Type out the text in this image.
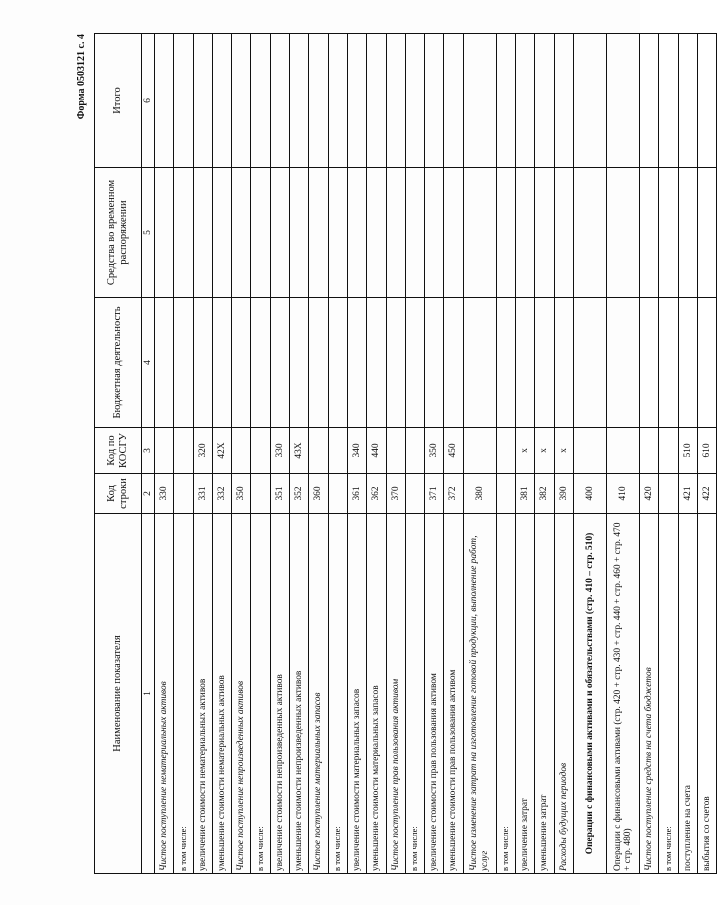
Форма 0503121 с. 4
Наименование показателя	Код строки	Код по КОСГУ	Бюджетная деятельность	Средства во временном распоряжении	Итого
1	2	3	4	5	6
Чистое поступление нематериальных активов	330				
в том числе:					
увеличение стоимости нематериальных активов	331	320			
уменьшение стоимости нематериальных активов	332	42X			
Чистое поступление непроизведенных активов	350				
в том числе:					
увеличение стоимости непроизведенных активов	351	330			
уменьшение стоимости непроизведенных активов	352	43X			
Чистое поступление материальных запасов	360				
в том числе:					
увеличение стоимости материальных запасов	361	340			
уменьшение стоимости материальных запасов	362	440			
Чистое поступление прав пользования активом	370				
в том числе:					
увеличение стоимости прав пользования активом	371	350			
уменьшение стоимости прав пользования активом	372	450			
Чистое изменение затрат на изготовление готовой продукции, выполнение работ, услуг	380				
в том числе:					
увеличение затрат	381	x			
уменьшение затрат	382	x			
Расходы будущих периодов	390	x			
Операции с финансовыми активами и обязательствами (стр. 410 – стр. 510)	400				
Операции с финансовыми активами (стр. 420 + стр. 430 + стр. 440 + стр. 460 + стр. 470 + стр. 480)	410				
Чистое поступление средств на счета бюджетов	420				
в том числе:					
поступление на счета	421	510			
выбытия со счетов	422	610			
